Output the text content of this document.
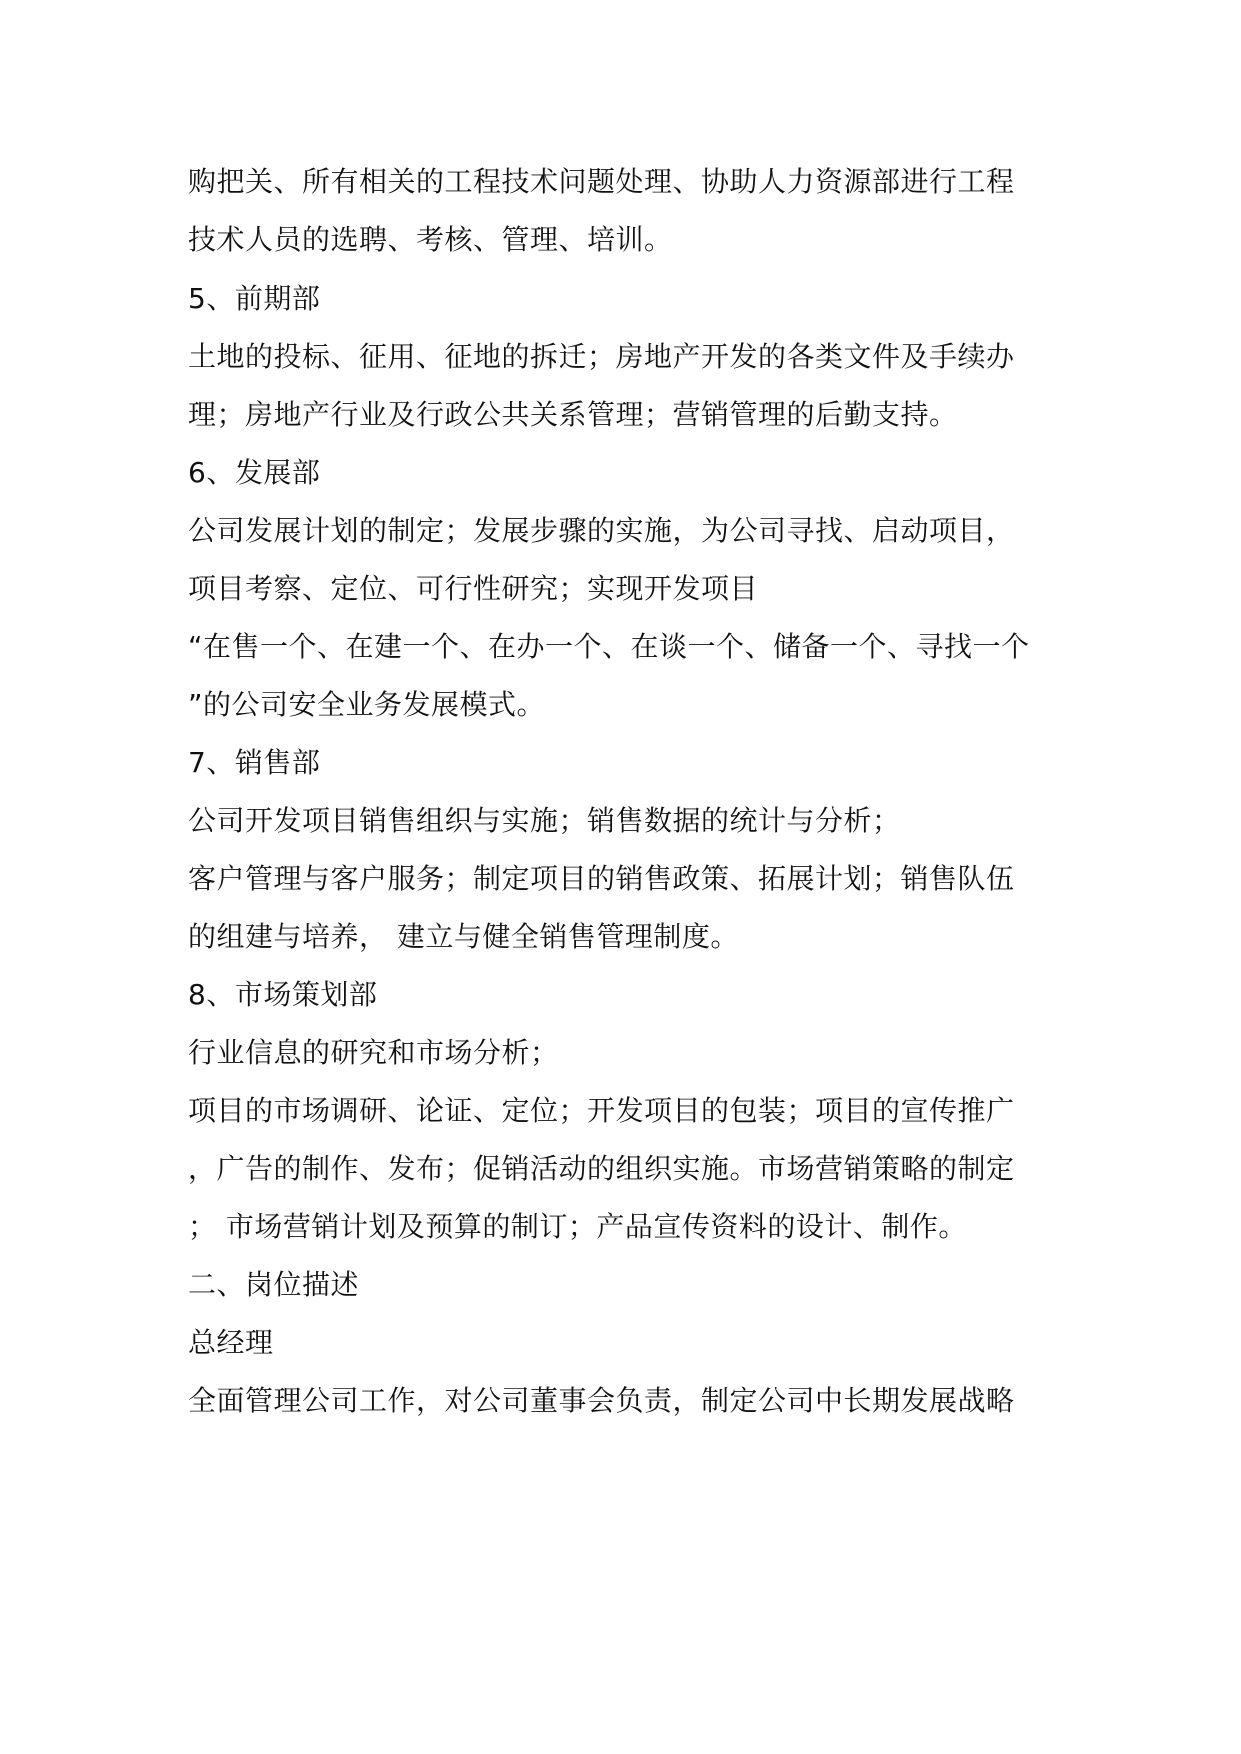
购把关、所有相关的工程技术问题处理、协助人力资源部进行工程
技术人员的选聘、考核、管理、培训。
5、前期部
土地的投标、征用、征地的拆迁；房地产开发的各类文件及手续办
理；房地产行业及行政公共关系管理；营销管理的后勤支持。
6、发展部
公司发展计划的制定；发展步骤的实施，为公司寻找、启动项目，
项目考察、定位、可行性研究；实现开发项目
“在售一个、在建一个、在办一个、在谈一个、储备一个、寻找一个
”的公司安全业务发展模式。
7、销售部
公司开发项目销售组织与实施；销售数据的统计与分析；
客户管理与客户服务；制定项目的销售政策、拓展计划；销售队伍
的组建与培养， 建立与健全销售管理制度。
8、市场策划部
行业信息的研究和市场分析；
项目的市场调研、论证、定位；开发项目的包装；项目的宣传推广
，广告的制作、发布；促销活动的组织实施。市场营销策略的制定
； 市场营销计划及预算的制订；产品宣传资料的设计、制作。
二、岗位描述
总经理
全面管理公司工作，对公司董事会负责，制定公司中长期发展战略
